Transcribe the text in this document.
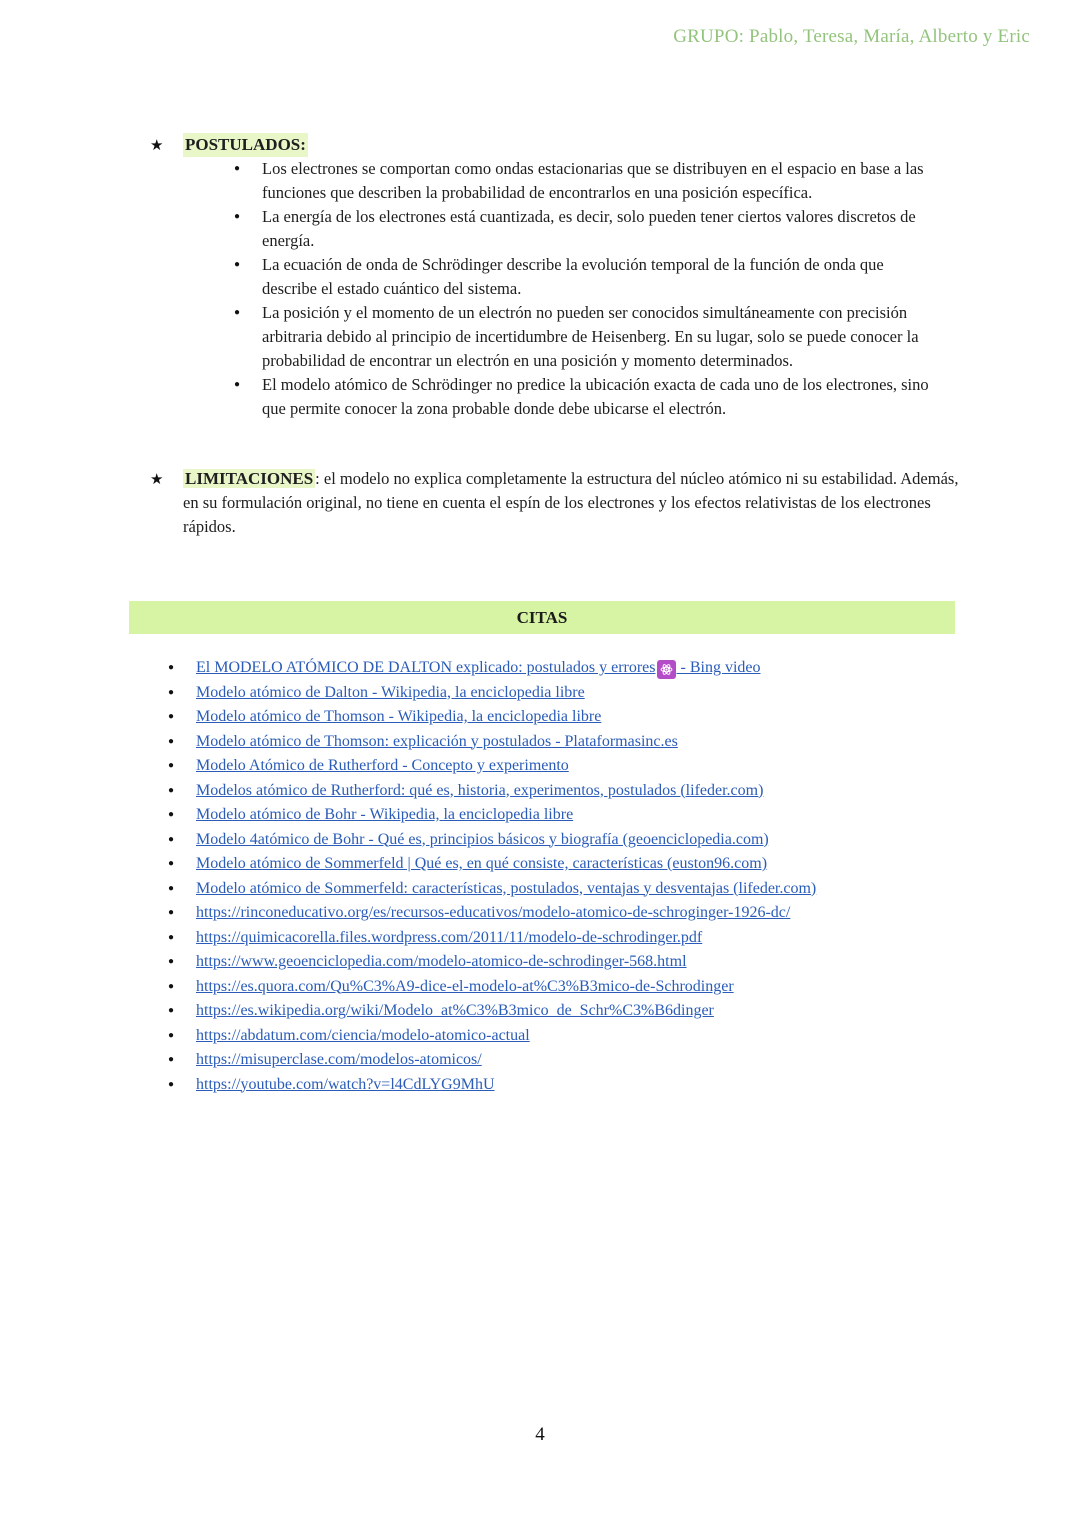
GRUPO: Pablo, Teresa, María, Alberto y Eric
★	POSTULADOS:
● Los electrones se comportan como ondas estacionarias que se distribuyen en el espacio en base a las funciones que describen la probabilidad de encontrarlos en una posición específica.
● La energía de los electrones está cuantizada, es decir, solo pueden tener ciertos valores discretos de energía.
● La ecuación de onda de Schrödinger describe la evolución temporal de la función de onda que describe el estado cuántico del sistema.
● La posición y el momento de un electrón no pueden ser conocidos simultáneamente con precisión arbitraria debido al principio de incertidumbre de Heisenberg. En su lugar, solo se puede conocer la probabilidad de encontrar un electrón en una posición y momento determinados.
● El modelo atómico de Schrödinger no predice la ubicación exacta de cada uno de los electrones, sino que permite conocer la zona probable donde debe ubicarse el electrón.
★	LIMITACIONES : el modelo no explica completamente la estructura del núcleo atómico ni su estabilidad. Además, en su formulación original, no tiene en cuenta el espín de los electrones y los efectos relativistas de los electrones rápidos.

CITAS
● El MODELO ATÓMICO DE DALTON explicado: postulados y errores
- Bing video
● Modelo atómico de Dalton - Wikipedia, la enciclopedia libre
● Modelo atómico de Thomson - Wikipedia, la enciclopedia libre
● Modelo atómico de Thomson: explicación y postulados - Plataformasinc.es
● Modelo Atómico de Rutherford - Concepto y experimento
● Modelos atómico de Rutherford: qué es, historia, experimentos, postulados (lifeder.com)
● Modelo atómico de Bohr - Wikipedia, la enciclopedia libre
● Modelo 4atómico de Bohr - Qué es, principios básicos y biografía (geoenciclopedia.com)
● Modelo atómico de Sommerfeld | Qué es, en qué consiste, características (euston96.com)
● Modelo atómico de Sommerfeld: características, postulados, ventajas y desventajas (lifeder.com)
● https://rinconeducativo.org/es/recursos-educativos/modelo-atomico-de-schroginger-1926-dc/
● https://quimicacorella.files.wordpress.com/2011/11/modelo-de-schrodinger.pdf
● https://www.geoenciclopedia.com/modelo-atomico-de-schrodinger-568.html
● https://es.quora.com/Qu%C3%A9-dice-el-modelo-at%C3%B3mico-de-Schrodinger
● https://es.wikipedia.org/wiki/Modelo_at%C3%B3mico_de_Schr%C3%B6dinger
● https://abdatum.com/ciencia/modelo-atomico-actual
● https://misuperclase.com/modelos-atomicos/
● https://youtube.com/watch?v=l4CdLYG9MhU
4
